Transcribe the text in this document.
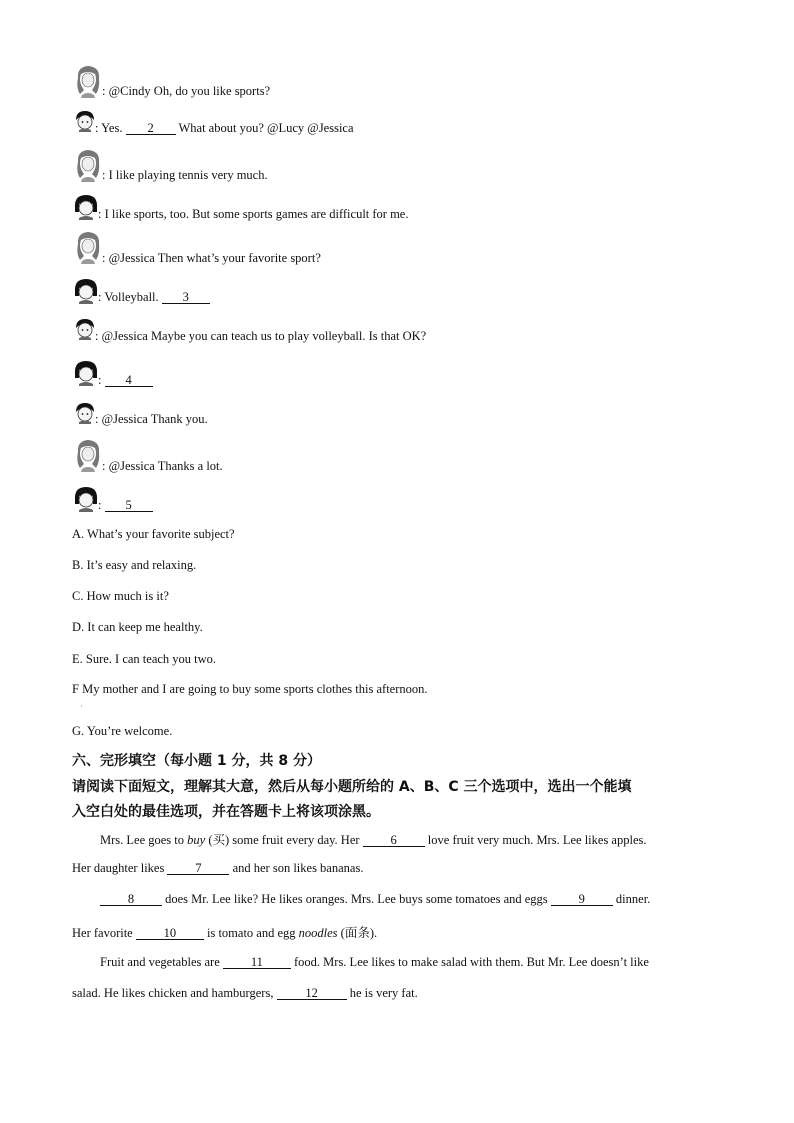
: @Cindy Oh, do you like sports?
: Yes. 2 What about you? @Lucy @Jessica
: I like playing tennis very much.
: I like sports, too. But some sports games are difficult for me.
: @Jessica Then what’s your favorite sport?
: Volleyball. 3
: @Jessica Maybe you can teach us to play volleyball. Is that OK?
: 4
: @Jessica Thank you.
: @Jessica Thanks a lot.
: 5
A. What’s your favorite subject?
B. It’s easy and relaxing.
C. How much is it?
D. It can keep me healthy.
E. Sure. I can teach you two.
F My mother and I are going to buy some sports clothes this afternoon.
·
G. You’re welcome.
六、完形填空（每小题 1 分，共 8 分）
请阅读下面短文，理解其大意，然后从每小题所给的 A、B、C 三个选项中，选出一个能填
入空白处的最佳选项，并在答题卡上将该项涂黑。
Mrs. Lee goes to buy (买) some fruit every day. Her 6 love fruit very much. Mrs. Lee likes apples.
Her daughter likes 7 and her son likes bananas.
8 does Mr. Lee like? He likes oranges. Mrs. Lee buys some tomatoes and eggs 9 dinner.
Her favorite 10 is tomato and egg noodles (面条).
Fruit and vegetables are 11 food. Mrs. Lee likes to make salad with them. But Mr. Lee doesn’t like
salad. He likes chicken and hamburgers, 12 he is very fat.
